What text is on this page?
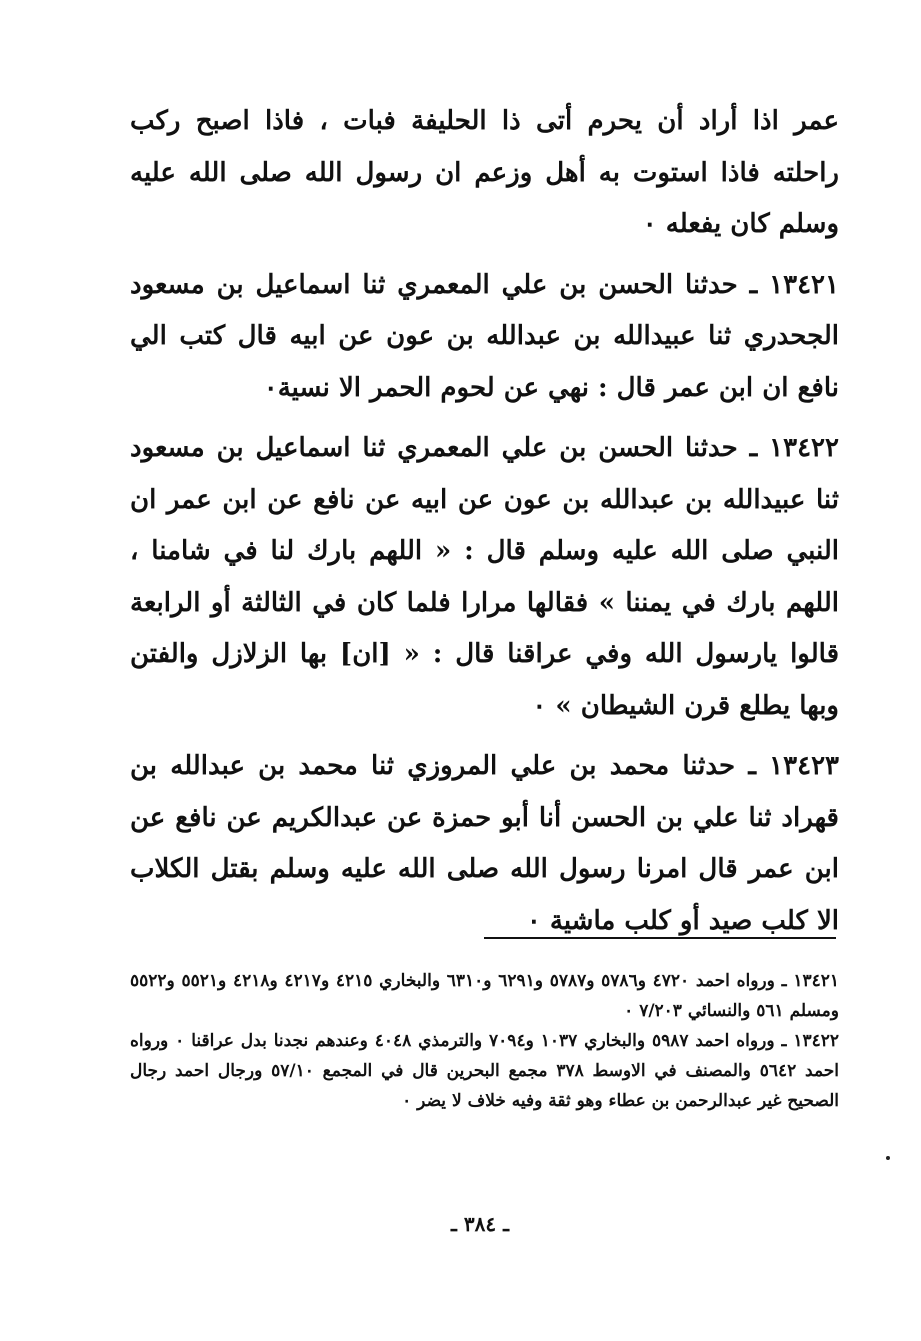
عمر اذا أراد أن يحرم أتى ذا الحليفة فبات ، فاذا اصبح ركب راحلته فاذا استوت به أهل وزعم ان رسول الله صلى الله عليه وسلم كان يفعله ٠

١٣٤٢١ ـ حدثنا الحسن بن علي المعمري ثنا اسماعيل بن مسعود الجحدري ثنا عبيدالله بن عبدالله بن عون عن ابيه قال كتب الي نافع ان ابن عمر قال : نهي عن لحوم الحمر الا نسية٠

١٣٤٢٢ ـ حدثنا الحسن بن علي المعمري ثنا اسماعيل بن مسعود ثنا عبيدالله بن عبدالله بن عون عن ابيه عن نافع عن ابن عمر ان النبي صلى الله عليه وسلم قال : « اللهم بارك لنا في شامنا ، اللهم بارك في يمننا » فقالها مرارا فلما كان في الثالثة أو الرابعة قالوا يارسول الله وفي عراقنا قال : « [ان] بها الزلازل والفتن وبها يطلع قرن الشيطان » ٠

١٣٤٢٣ ـ حدثنا محمد بن علي المروزي ثنا محمد بن عبدالله بن قهراد ثنا علي بن الحسن أنا أبو حمزة عن عبدالكريم عن نافع عن ابن عمر قال امرنا رسول الله صلى الله عليه وسلم بقتل الكلاب الا كلب صيد أو كلب ماشية ٠

١٣٤٢١ ـ ورواه احمد ٤٧٢٠ و٥٧٨٦ و٥٧٨٧ و٦٢٩١ و٦٣١٠ والبخاري ٤٢١٥ و٤٢١٧ و٤٢١٨ و٥٥٢١ و٥٥٢٢ ومسلم ٥٦١ والنسائي ٧/٢٠٣ ٠

١٣٤٢٢ ـ ورواه احمد ٥٩٨٧ والبخاري ١٠٣٧ و٧٠٩٤ والترمذي ٤٠٤٨ وعندهم نجدنا بدل عراقنا ٠ ورواه احمد ٥٦٤٢ والمصنف في الاوسط ٣٧٨ مجمع البحرين قال في المجمع ٥٧/١٠ ورجال احمد رجال الصحيح غير عبدالرحمن بن عطاء وهو ثقة وفيه خلاف لا يضر ٠

ـ ٣٨٤ ـ
